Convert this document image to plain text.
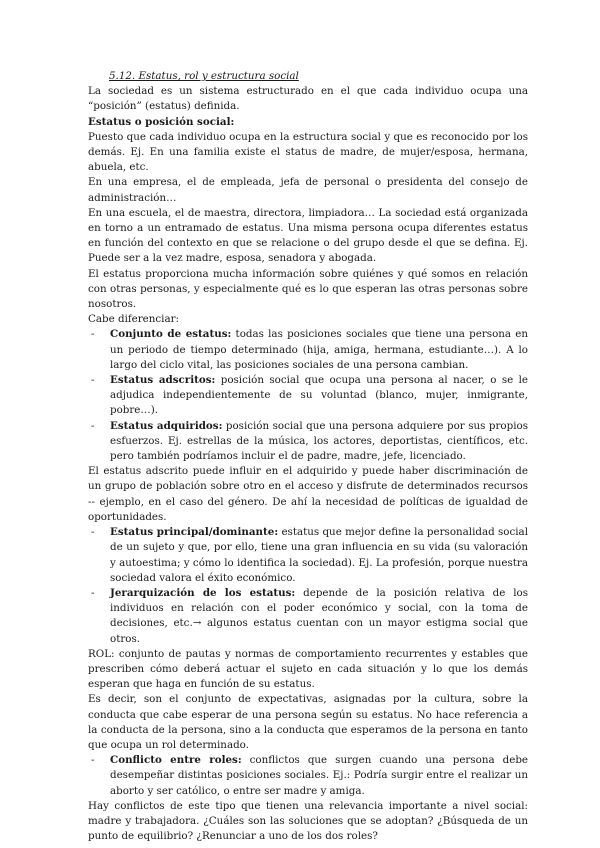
5.12. Estatus, rol y estructura social

La sociedad es un sistema estructurado en el que cada individuo ocupa una “posición” (estatus) definida.

Estatus o posición social:

Puesto que cada individuo ocupa en la estructura social y que es reconocido por los demás. Ej. En una familia existe el status de madre, de mujer/esposa, hermana, abuela, etc.

En una empresa, el de empleada, jefa de personal o presidenta del consejo de administración…

En una escuela, el de maestra, directora, limpiadora… La sociedad está organizada en torno a un entramado de estatus. Una misma persona ocupa diferentes estatus en función del contexto en que se relacione o del grupo desde el que se defina. Ej. Puede ser a la vez madre, esposa, senadora y abogada.

El estatus proporciona mucha información sobre quiénes y qué somos en relación con otras personas, y especialmente qué es lo que esperan las otras personas sobre nosotros.

Cabe diferenciar:

- Conjunto de estatus: todas las posiciones sociales que tiene una persona en un periodo de tiempo determinado (hija, amiga, hermana, estudiante…). A lo largo del ciclo vital, las posiciones sociales de una persona cambian.
- Estatus adscritos: posición social que ocupa una persona al nacer, o se le adjudica independientemente de su voluntad (blanco, mujer, inmigrante, pobre…).
- Estatus adquiridos: posición social que una persona adquiere por sus propios esfuerzos. Ej. estrellas de la música, los actores, deportistas, científicos, etc. pero también podríamos incluir el de padre, madre, jefe, licenciado.

El estatus adscrito puede influir en el adquirido y puede haber discriminación de un grupo de población sobre otro en el acceso y disfrute de determinados recursos -- ejemplo, en el caso del género. De ahí la necesidad de políticas de igualdad de oportunidades.

- Estatus principal/dominante: estatus que mejor define la personalidad social de un sujeto y que, por ello, tiene una gran influencia en su vida (su valoración y autoestima; y cómo lo identifica la sociedad). Ej. La profesión, porque nuestra sociedad valora el éxito económico.
- Jerarquización de los estatus: depende de la posición relativa de los individuos en relación con el poder económico y social, con la toma de decisiones, etc.→ algunos estatus cuentan con un mayor estigma social que otros.

ROL: conjunto de pautas y normas de comportamiento recurrentes y estables que prescriben cómo deberá actuar el sujeto en cada situación y lo que los demás esperan que haga en función de su estatus.

Es decir, son el conjunto de expectativas, asignadas por la cultura, sobre la conducta que cabe esperar de una persona según su estatus. No hace referencia a la conducta de la persona, sino a la conducta que esperamos de la persona en tanto que ocupa un rol determinado.

- Conflicto entre roles: conflictos que surgen cuando una persona debe desempeñar distintas posiciones sociales. Ej.: Podría surgir entre el realizar un aborto y ser católico, o entre ser madre y amiga.

Hay conflictos de este tipo que tienen una relevancia importante a nivel social: madre y trabajadora. ¿Cuáles son las soluciones que se adoptan? ¿Búsqueda de un punto de equilibrio? ¿Renunciar a uno de los dos roles?
